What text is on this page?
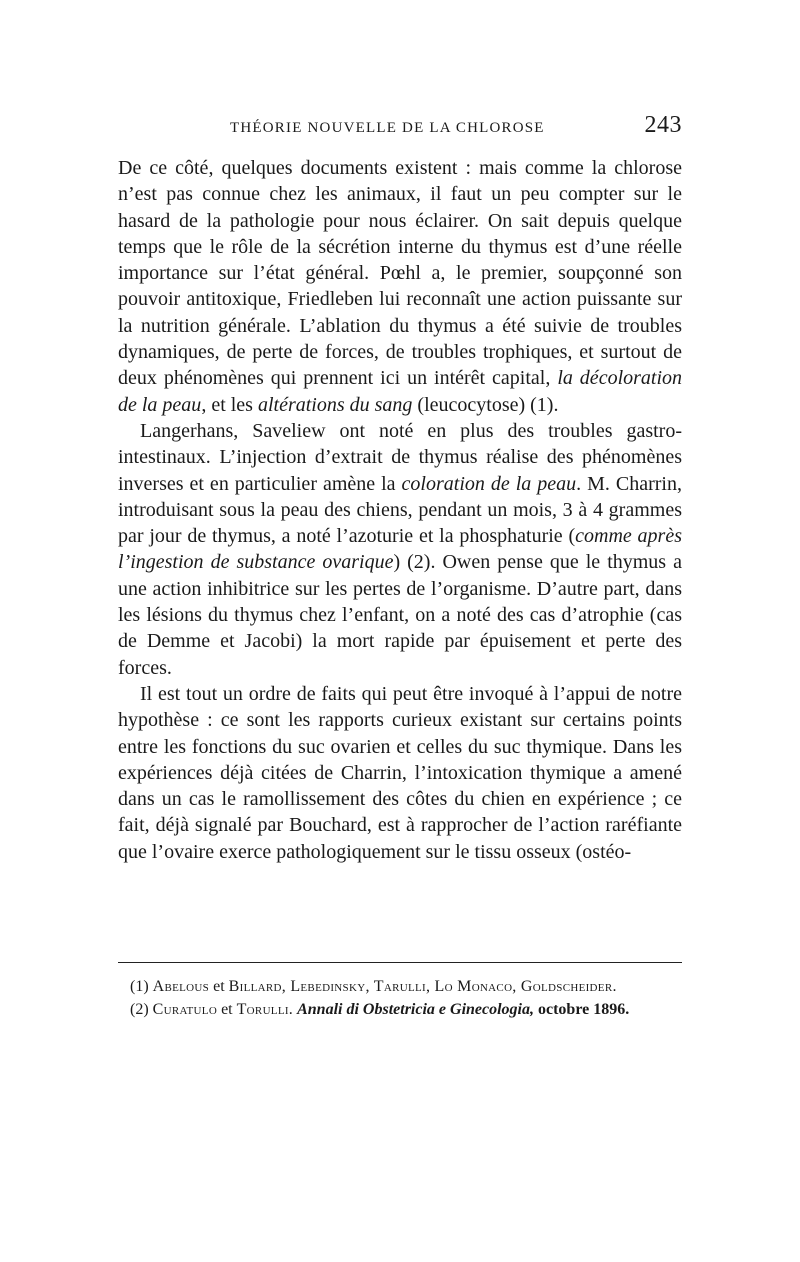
THÉORIE NOUVELLE DE LA CHLOROSE	243

De ce côté, quelques documents existent : mais comme la chlorose n’est pas connue chez les animaux, il faut un peu compter sur le hasard de la pathologie pour nous éclairer. On sait depuis quelque temps que le rôle de la sécrétion interne du thymus est d’une réelle importance sur l’état général. Pœhl a, le premier, soupçonné son pouvoir antitoxique, Friedleben lui reconnaît une action puissante sur la nutrition générale. L’ablation du thymus a été suivie de troubles dynamiques, de perte de forces, de troubles trophiques, et surtout de deux phénomènes qui prennent ici un intérêt capital, la décoloration de la peau, et les altérations du sang (leucocytose) (1).

Langerhans, Saveliew ont noté en plus des troubles gastro-intestinaux. L’injection d’extrait de thymus réalise des phénomènes inverses et en particulier amène la coloration de la peau. M. Charrin, introduisant sous la peau des chiens, pendant un mois, 3 à 4 grammes par jour de thymus, a noté l’azoturie et la phosphaturie (comme après l’ingestion de substance ovarique) (2). Owen pense que le thymus a une action inhibitrice sur les pertes de l’organisme. D’autre part, dans les lésions du thymus chez l’enfant, on a noté des cas d’atrophie (cas de Demme et Jacobi) la mort rapide par épuisement et perte des forces.

Il est tout un ordre de faits qui peut être invoqué à l’appui de notre hypothèse : ce sont les rapports curieux existant sur certains points entre les fonctions du suc ovarien et celles du suc thymique. Dans les expériences déjà citées de Charrin, l’intoxication thymique a amené dans un cas le ramollissement des côtes du chien en expérience ; ce fait, déjà signalé par Bouchard, est à rapprocher de l’action raréfiante que l’ovaire exerce pathologiquement sur le tissu osseux (ostéo-

(1) Abelous et Billard, Lebedinsky, Tarulli, Lo Monaco, Goldscheider.

(2) Curatulo et Torulli. Annali di Obstetricia e Ginecologia, octobre 1896.
